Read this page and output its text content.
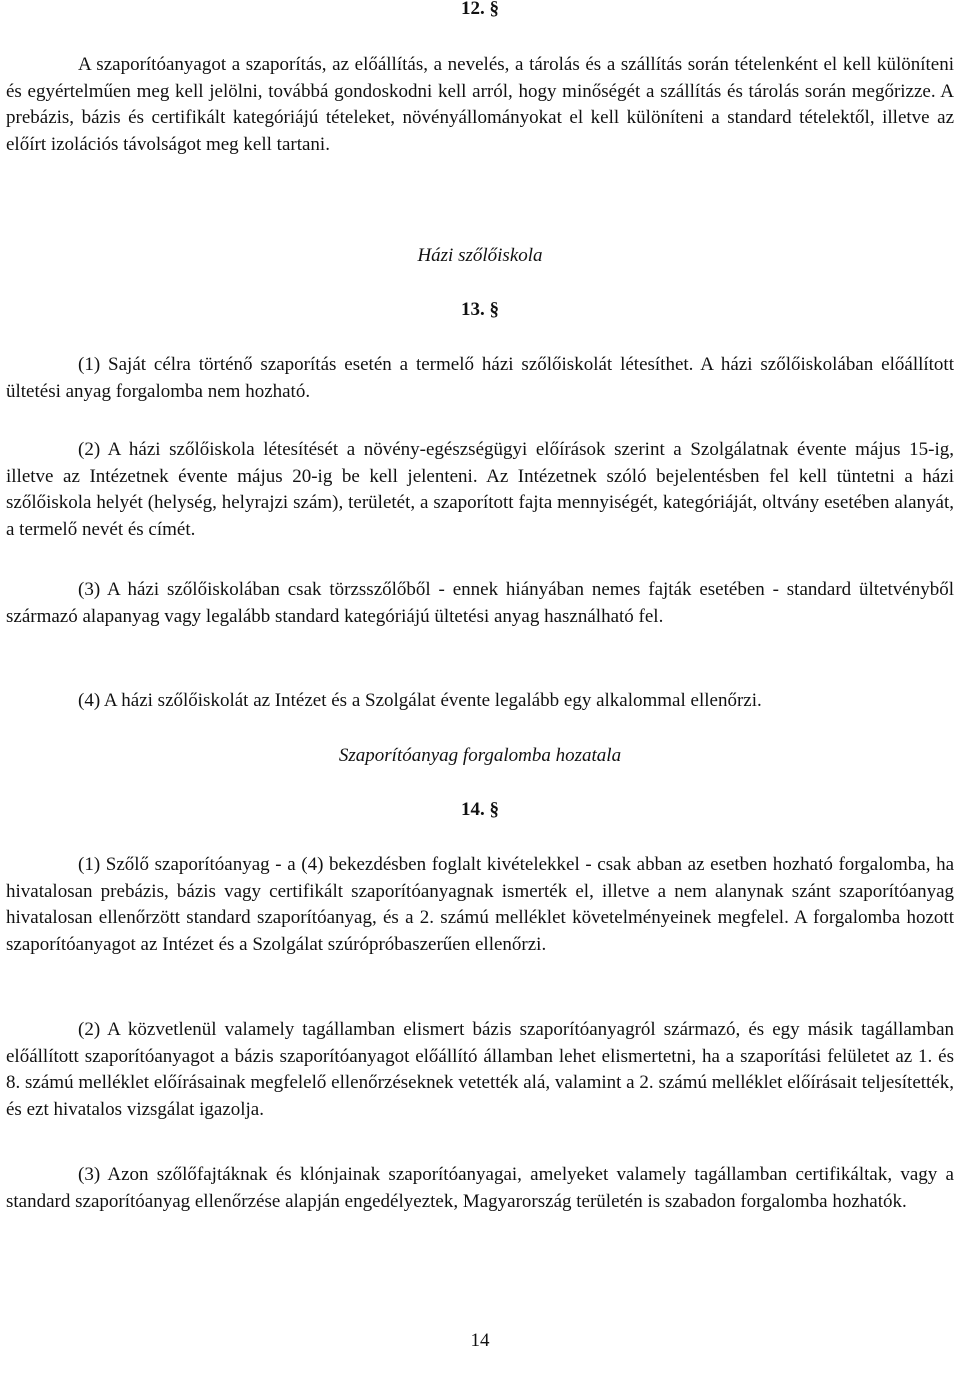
12. §

A szaporítóanyagot a szaporítás, az előállítás, a nevelés, a tárolás és a szállítás során tételenként el kell különíteni és egyértelműen meg kell jelölni, továbbá gondoskodni kell arról, hogy minőségét a szállítás és tárolás során megőrizze. A prebázis, bázis és certifikált kategóriájú tételeket, növényállományokat el kell különíteni a standard tételektől, illetve az előírt izolációs távolságot meg kell tartani.

Házi szőlőiskola

13. §

(1) Saját célra történő szaporítás esetén a termelő házi szőlőiskolát létesíthet. A házi szőlőiskolában előállított ültetési anyag forgalomba nem hozható.

(2) A házi szőlőiskola létesítését a növény-egészségügyi előírások szerint a Szolgálatnak évente május 15-ig, illetve az Intézetnek évente május 20-ig be kell jelenteni. Az Intézetnek szóló bejelentésben fel kell tüntetni a házi szőlőiskola helyét (helység, helyrajzi szám), területét, a szaporított fajta mennyiségét, kategóriáját, oltvány esetében alanyát, a termelő nevét és címét.

(3) A házi szőlőiskolában csak törzsszőlőből - ennek hiányában nemes fajták esetében - standard ültetvényből származó alapanyag vagy legalább standard kategóriájú ültetési anyag használható fel.

(4) A házi szőlőiskolát az Intézet és a Szolgálat évente legalább egy alkalommal ellenőrzi.

Szaporítóanyag forgalomba hozatala

14. §

(1) Szőlő szaporítóanyag - a (4) bekezdésben foglalt kivételekkel - csak abban az esetben hozható forgalomba, ha hivatalosan prebázis, bázis vagy certifikált szaporítóanyagnak ismerték el, illetve a nem alanynak szánt szaporítóanyag hivatalosan ellenőrzött standard szaporítóanyag, és a 2. számú melléklet követelményeinek megfelel. A forgalomba hozott szaporítóanyagot az Intézet és a Szolgálat szúrópróbaszerűen ellenőrzi.

(2) A közvetlenül valamely tagállamban elismert bázis szaporítóanyagról származó, és egy másik tagállamban előállított szaporítóanyagot a bázis szaporítóanyagot előállító államban lehet elismertetni, ha a szaporítási felületet az 1. és 8. számú melléklet előírásainak megfelelő ellenőrzéseknek vetették alá, valamint a 2. számú melléklet előírásait teljesítették, és ezt hivatalos vizsgálat igazolja.

(3) Azon szőlőfajtáknak és klónjainak szaporítóanyagai, amelyeket valamely tagállamban certifikáltak, vagy a standard szaporítóanyag ellenőrzése alapján engedélyeztek, Magyarország területén is szabadon forgalomba hozhatók.

14
